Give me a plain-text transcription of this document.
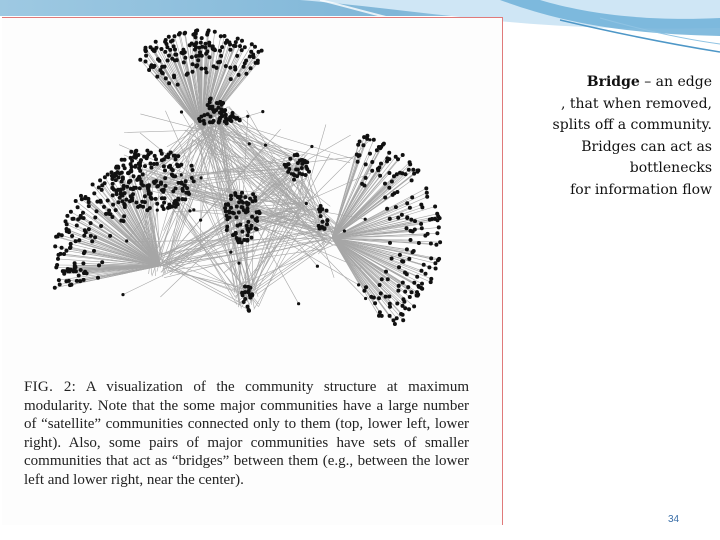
FIG. 2: A visualization of the community structure at maximum modularity. Note that the some major communities have a large number of “satellite” communities connected only to them (top, lower left, lower right). Also, some pairs of major communities have sets of smaller communities that act as “bridges” between them (e.g., between the lower left and lower right, near the center).
Bridge – an edge
, that when removed,
splits off a community.
Bridges can act as
bottlenecks
for information flow
34
